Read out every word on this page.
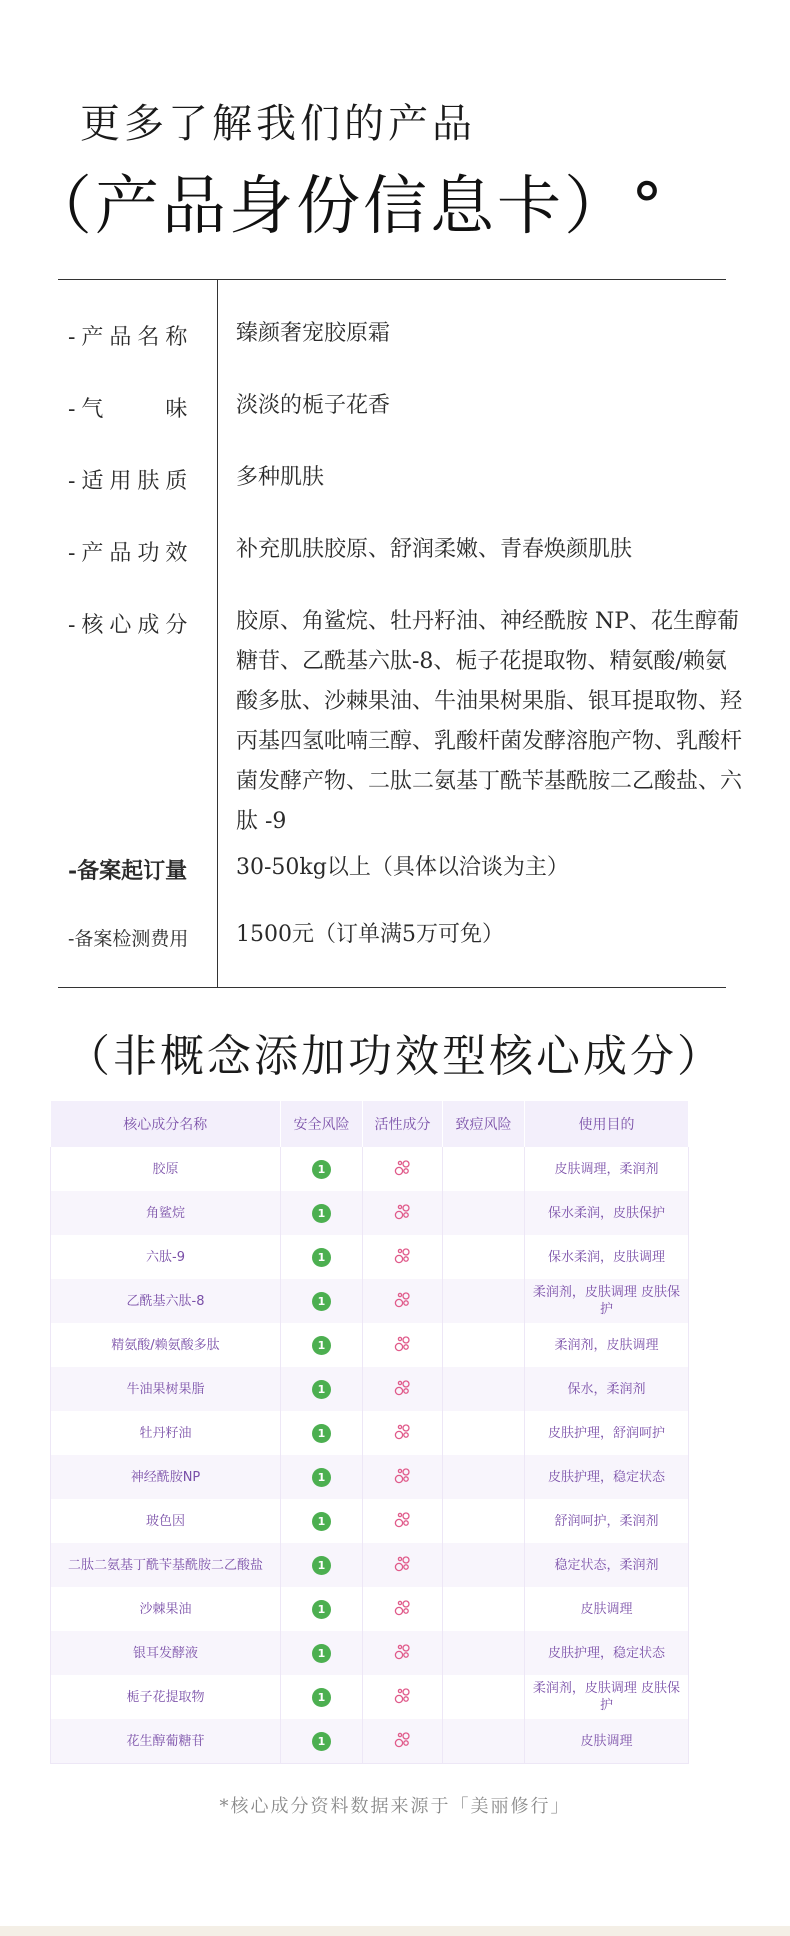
更多了解我们的产品
（产品身份信息卡）°
-产品名称	臻颜奢宠胶原霜
-气　　味	淡淡的栀子花香
-适用肤质	多种肌肤
-产品功效	补充肌肤胶原、舒润柔嫩、青春焕颜肌肤
-核心成分	胶原、角鲨烷、牡丹籽油、神经酰胺 NP、花生醇葡糖苷、乙酰基六肽-8、栀子花提取物、精氨酸/赖氨酸多肽、沙棘果油、牛油果树果脂、银耳提取物、羟丙基四氢吡喃三醇、乳酸杆菌发酵溶胞产物、乳酸杆菌发酵产物、二肽二氨基丁酰苄基酰胺二乙酸盐、六肽 -9
-备案起订量	30-50kg以上（具体以洽谈为主）
-备案检测费用	1500元（订单满5万可免）
（非概念添加功效型核心成分）
核心成分名称	安全风险	活性成分	致痘风险	使用目的
胶原	1			皮肤调理，柔润剂
角鲨烷	1			保水柔润，皮肤保护
六肽-9	1			保水柔润，皮肤调理
乙酰基六肽-8	1			柔润剂，皮肤调理 皮肤保护
精氨酸/赖氨酸多肽	1			柔润剂，皮肤调理
牛油果树果脂	1			保水，柔润剂
牡丹籽油	1			皮肤护理，舒润呵护
神经酰胺NP	1			皮肤护理，稳定状态
玻色因	1			舒润呵护，柔润剂
二肽二氨基丁酰苄基酰胺二乙酸盐	1			稳定状态，柔润剂
沙棘果油	1			皮肤调理
银耳发酵液	1			皮肤护理，稳定状态
栀子花提取物	1			柔润剂，皮肤调理 皮肤保护
花生醇葡糖苷	1			皮肤调理
*核心成分资料数据来源于「美丽修行」
